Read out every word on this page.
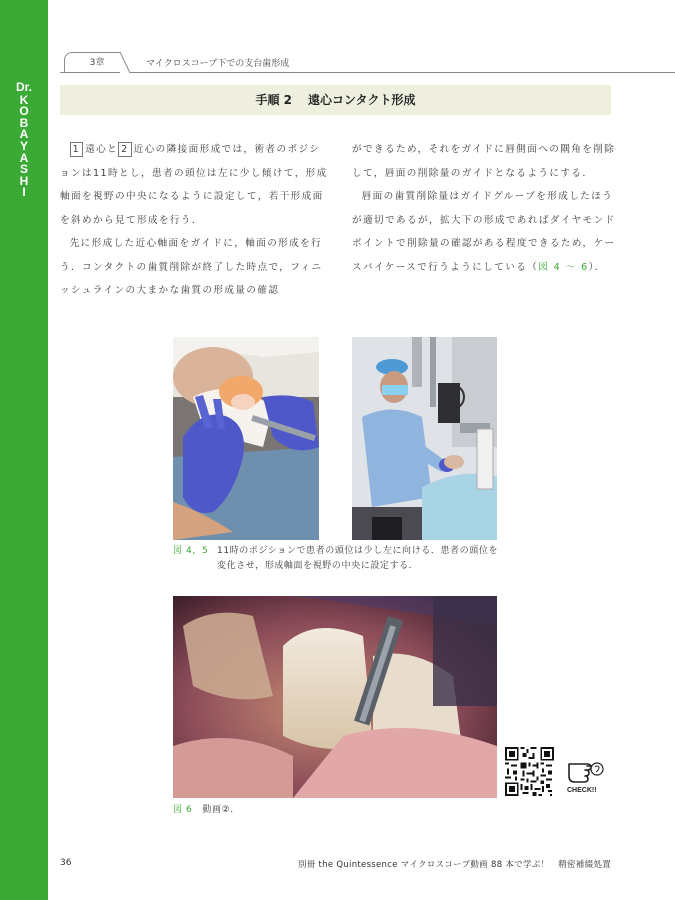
Dr.
K
O
B
A
Y
A
S
H
I
3章	マイクロスコープ下での支台歯形成
手順 2 遠心コンタクト形成

1 遠心と 2 近心の隣接面形成では，術者のポジションは11時とし，患者の頭位は左に少し傾けて，形成軸面を視野の中央になるように設定して，若干形成面を斜めから見て形成を行う．

先に形成した近心軸面をガイドに，軸面の形成を行う．コンタクトの歯質削除が終了した時点で，フィニッシュラインの大まかな歯質の形成量の確認

ができるため，それをガイドに唇側面への隅角を削除して，唇面の削除量のガイドとなるようにする．

唇面の歯質削除量はガイドグルーブを形成したほうが適切であるが，拡大下の形成であればダイヤモンドポイントで削除量の確認がある程度できるため，ケースバイケースで行うようにしている（図 4 〜 6）．

図 4，5 11時のポジションで患者の頭位は少し左に向ける．患者の頭位を変化させ，形成軸面を視野の中央に設定する．
図 6 動画②．
CHECK!!
36	別冊 the Quintessence マイクロスコープ動画 88 本で学ぶ！　精密補綴処置
